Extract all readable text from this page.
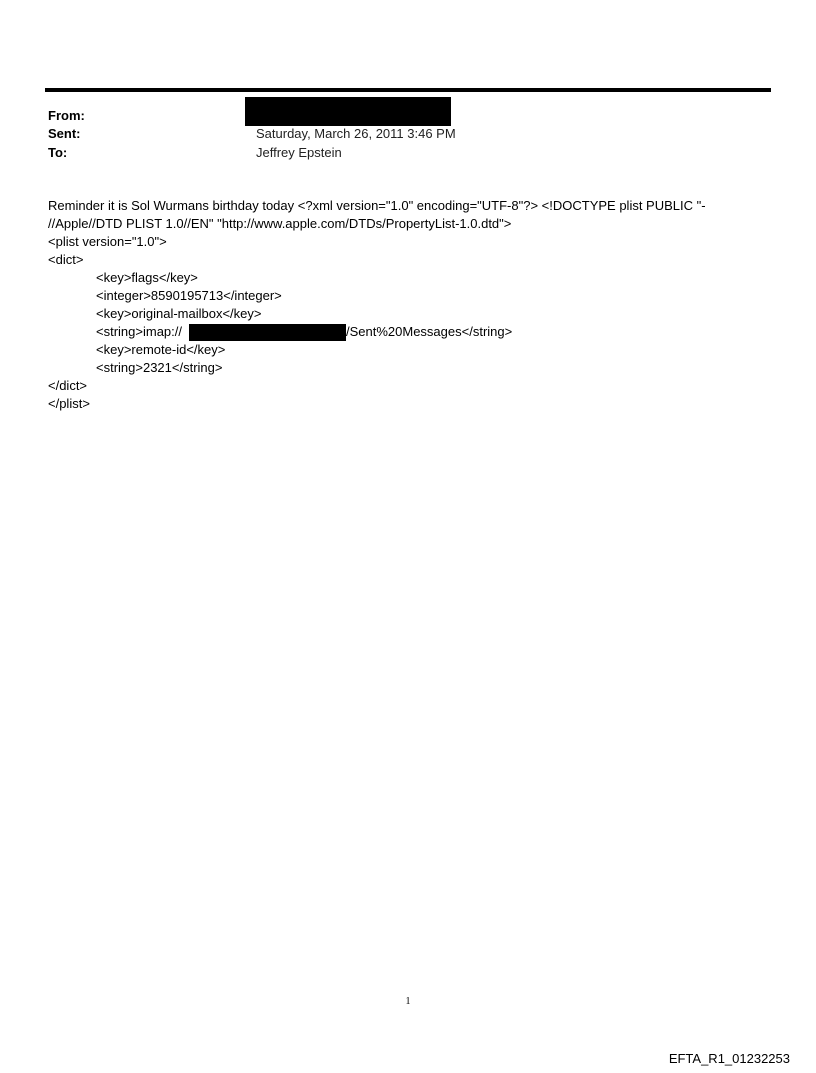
From:
Sent:	Saturday, March 26, 2011 3:46 PM
To:	Jeffrey Epstein
Reminder it is Sol Wurmans birthday today <?xml version="1.0" encoding="UTF-8"?> <!DOCTYPE plist PUBLIC "-
//Apple//DTD PLIST 1.0//EN" "http://www.apple.com/DTDs/PropertyList-1.0.dtd">
<plist version="1.0">
<dict>
<key>flags</key>
<integer>8590195713</integer>
<key>original-mailbox</key>
<string>imap://	/Sent%20Messages</string>
<key>remote-id</key>
<string>2321</string>
</dict>
</plist>
1
EFTA_R1_01232253
